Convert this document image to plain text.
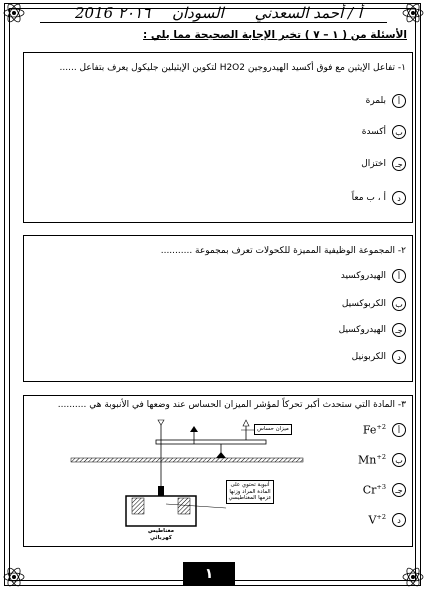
2016 ٢٠١٦ السودان أ / أحمد السعدني
الأسئلة من ( ١ – ٧ ) تخير الإجابة الصحيحة مما يلي :
١- تفاعل الإيثين مع فوق أكسيد الهيدروجين H2O2 لتكوين الإيثيلين جليكول يعرف بتفاعل ......
أ
بلمرة
ب
أكسدة
جـ
اختزال
د
أ ، ب معاً
٢- المجموعة الوظيفية المميزة للكحولات تعرف بمجموعة ...........
أ
الهيدروكسيد
ب
الكربوكسيل
جـ
الهيدروكسيل
د
الكربونيل
٣- المادة التي ستحدث أكبر تحركاً لمؤشر الميزان الحساس عند وضعها في الأنبوبة هي ..........
أ
$Fe^{+2}$
ب
$Mn^{+2}$
جـ
$Cr^{+3}$
د
$V^{+2}$
ميزان حساس
أنبوبة تحتوي على المادة المراد وزنها عزمها المغناطيسي
مغناطيس كهربائي
١
